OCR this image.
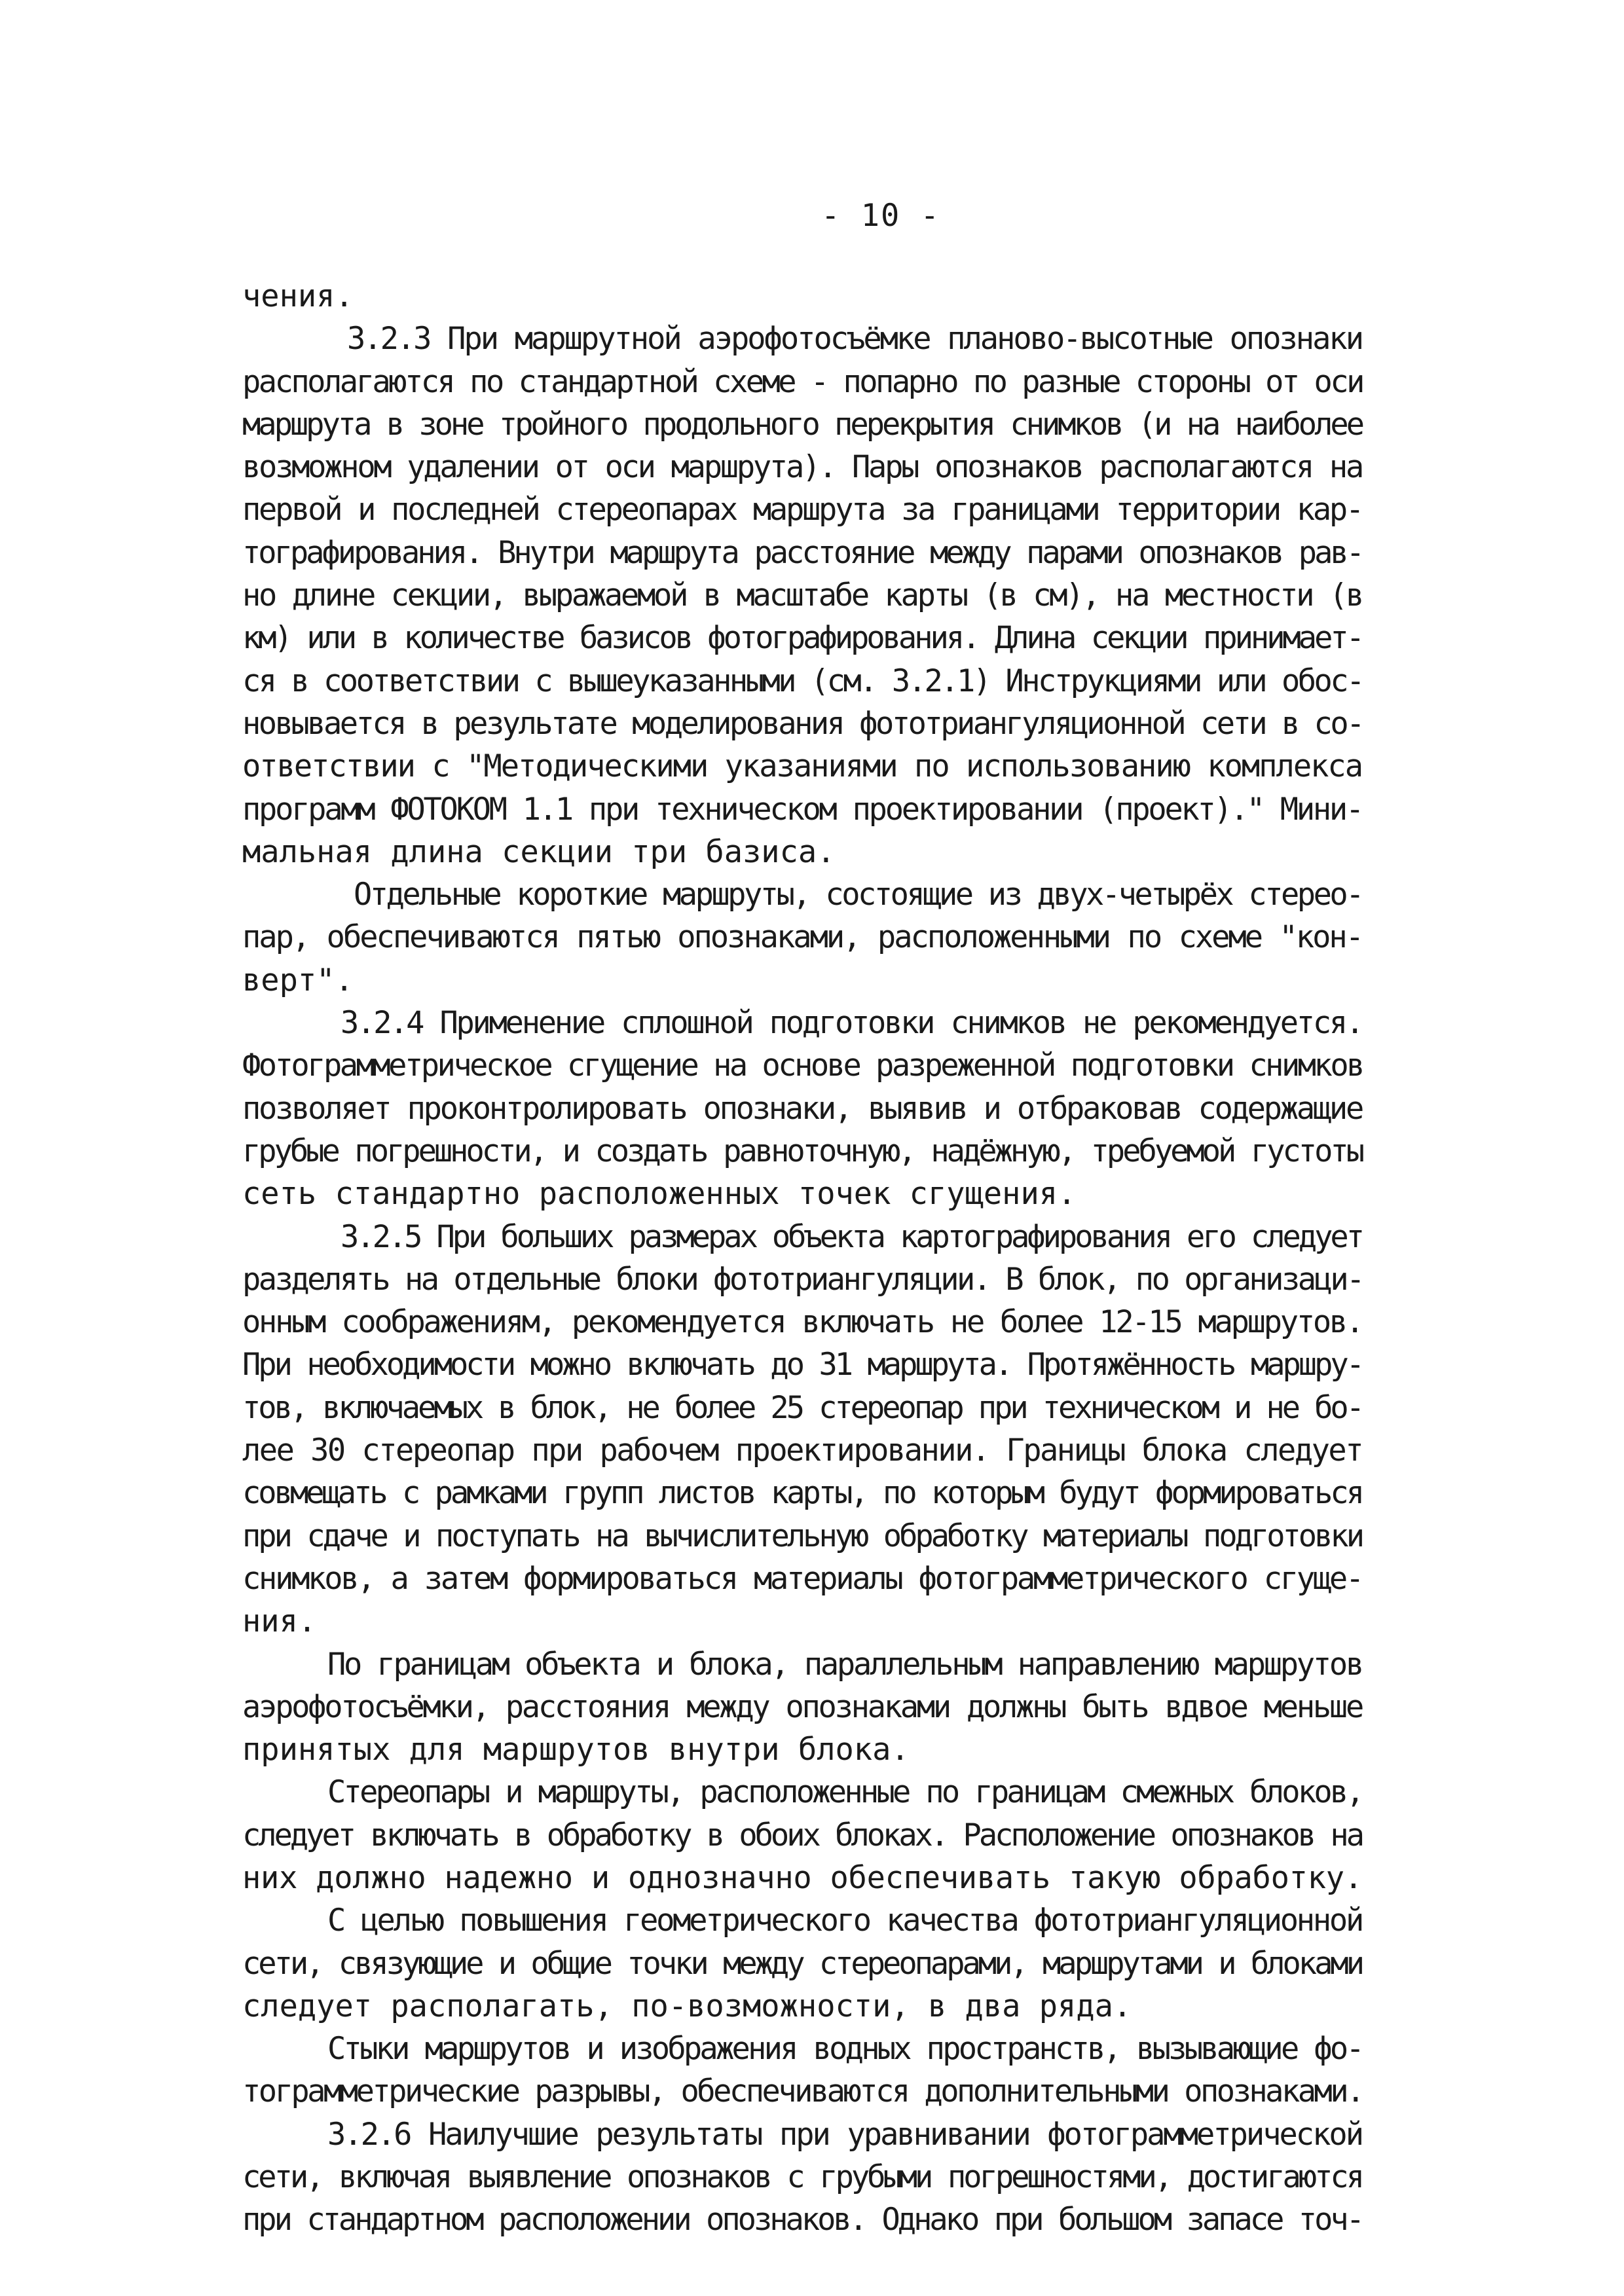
- 10 -
чения.
3.2.3 При маршрутной аэрофотосъёмке планово-высотные опознаки
располагаются по стандартной схеме - попарно по разные стороны от оси
маршрута в зоне тройного продольного перекрытия снимков (и на наиболее
возможном удалении от оси маршрута). Пары опознаков располагаются на
первой и последней стереопарах маршрута за границами территории кар-
тографирования. Внутри маршрута расстояние между парами опознаков рав-
но длине секции, выражаемой в масштабе карты (в см), на местности (в
км) или в количестве базисов фотографирования. Длина секции принимает-
ся в соответствии с вышеуказанными (см. 3.2.1) Инструкциями или обос-
новывается в результате моделирования фототриангуляционной сети в со-
ответствии с "Методическими указаниями по использованию комплекса
программ ФОТОКОМ 1.1 при техническом проектировании (проект)." Мини-
мальная длина секции три базиса.
Отдельные короткие маршруты, состоящие из двух-четырёх стерео-
пар, обеспечиваются пятью опознаками, расположенными по схеме "кон-
верт".
3.2.4 Применение сплошной подготовки снимков не рекомендуется.
Фотограмметрическое сгущение на основе разреженной подготовки снимков
позволяет проконтролировать опознаки, выявив и отбраковав содержащие
грубые погрешности, и создать равноточную, надёжную, требуемой густоты
сеть стандартно расположенных точек сгущения.
3.2.5 При больших размерах объекта картографирования его следует
разделять на отдельные блоки фототриангуляции. В блок, по организаци-
онным соображениям, рекомендуется включать не более 12-15 маршрутов.
При необходимости можно включать до 31 маршрута. Протяжённость маршру-
тов, включаемых в блок, не более 25 стереопар при техническом и не бо-
лее 30 стереопар при рабочем проектировании. Границы блока следует
совмещать с рамками групп листов карты, по которым будут формироваться
при сдаче и поступать на вычислительную обработку материалы подготовки
снимков, а затем формироваться материалы фотограмметрического сгуще-
ния.
По границам объекта и блока, параллельным направлению маршрутов
аэрофотосъёмки, расстояния между опознаками должны быть вдвое меньше
принятых для маршрутов внутри блока.
Стереопары и маршруты, расположенные по границам смежных блоков,
следует включать в обработку в обоих блоках. Расположение опознаков на
них должно надежно и однозначно обеспечивать такую обработку.
С целью повышения геометрического качества фототриангуляционной
сети, связующие и общие точки между стереопарами, маршрутами и блоками
следует располагать, по-возможности, в два ряда.
Стыки маршрутов и изображения водных пространств, вызывающие фо-
тограмметрические разрывы, обеспечиваются дополнительными опознаками.
3.2.6 Наилучшие результаты при уравнивании фотограмметрической
сети, включая выявление опознаков с грубыми погрешностями, достигаются
при стандартном расположении опознаков. Однако при большом запасе точ-
